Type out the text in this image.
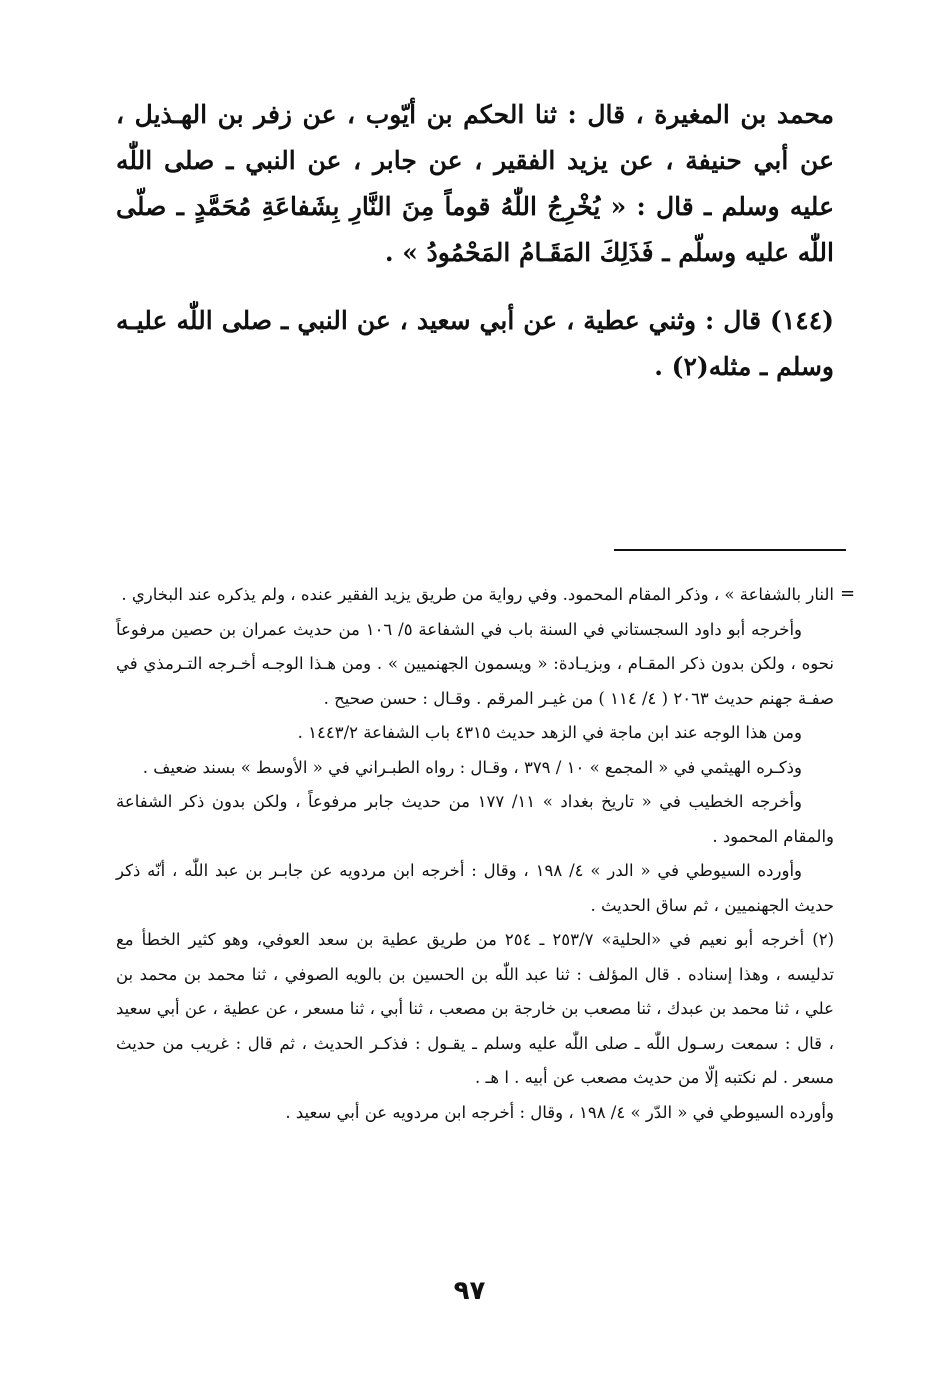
محمد بن المغيرة ، قال : ثنا الحكم بن أيّوب ، عن زفر بن الهـذيل ، عن أبي حنيفة ، عن يزيد الفقير ، عن جابر ، عن النبي ـ صلى اللّٰه عليه وسلم ـ قال : « يُخْرِجُ اللّٰهُ قوماً مِنَ النَّارِ بِشَفاعَةِ مُحَمَّدٍ ـ صلّى اللّٰه عليه وسلّم ـ فَذَلِكَ المَقَـامُ المَحْمُودُ » .

(١٤٤) قال : وثني عطية ، عن أبي سعيد ، عن النبي ـ صلى اللّٰه عليـه وسلم ـ مثله(٢) .

=

النار بالشفاعة » ، وذكر المقام المحمود. وفي رواية من طريق يزيد الفقير عنده ، ولم يذكره عند البخاري .

وأخرجه أبو داود السجستاني في السنة باب في الشفاعة ٥/ ١٠٦ من حديث عمران بن حصين مرفوعاً نحوه ، ولكن بدون ذكر المقـام ، وبزيـادة: « ويسمون الجهنميين » . ومن هـذا الوجـه أخـرجه التـرمذي في صفـة جهنم حديث ٢٠٦٣ ( ٤/ ١١٤ ) من غيـر المرقم . وقـال : حسن صحيح .

ومن هذا الوجه عند ابن ماجة في الزهد حديث ٤٣١٥ باب الشفاعة ١٤٤٣/٢ .

وذكـره الهيثمي في « المجمع » ١٠ / ٣٧٩ ، وقـال : رواه الطبـراني في « الأوسط » بسند ضعيف .

وأخرجه الخطيب في « تاريخ بغداد » ١١/ ١٧٧ من حديث جابر مرفوعاً ، ولكن بدون ذكر الشفاعة والمقام المحمود .

وأورده السيوطي في « الدر » ٤/ ١٩٨ ، وقال : أخرجه ابن مردويه عن جابـر بن عبد اللّٰه ، أنّه ذكر حديث الجهنميين ، ثم ساق الحديث .

(٢) أخرجه أبو نعيم في «الحلية» ٢٥٣/٧ ـ ٢٥٤ من طريق عطية بن سعد العوفي، وهو كثير الخطأ مع تدليسه ، وهذا إسناده . قال المؤلف : ثنا عبد اللّٰه بن الحسين بن بالويه الصوفي ، ثنا محمد بن محمد بن علي ، ثنا محمد بن عبدك ، ثنا مصعب بن خارجة بن مصعب ، ثنا أبي ، ثنا مسعر ، عن عطية ، عن أبي سعيد ، قال : سمعت رسـول اللّٰه ـ صلى اللّٰه عليه وسلم ـ يقـول : فذكـر الحديث ، ثم قال : غريب من حديث مسعر . لم نكتبه إلّا من حديث مصعب عن أبيه . ا هـ .

وأورده السيوطي في « الدّر » ٤/ ١٩٨ ، وقال : أخرجه ابن مردويه عن أبي سعيد .

٩٧
